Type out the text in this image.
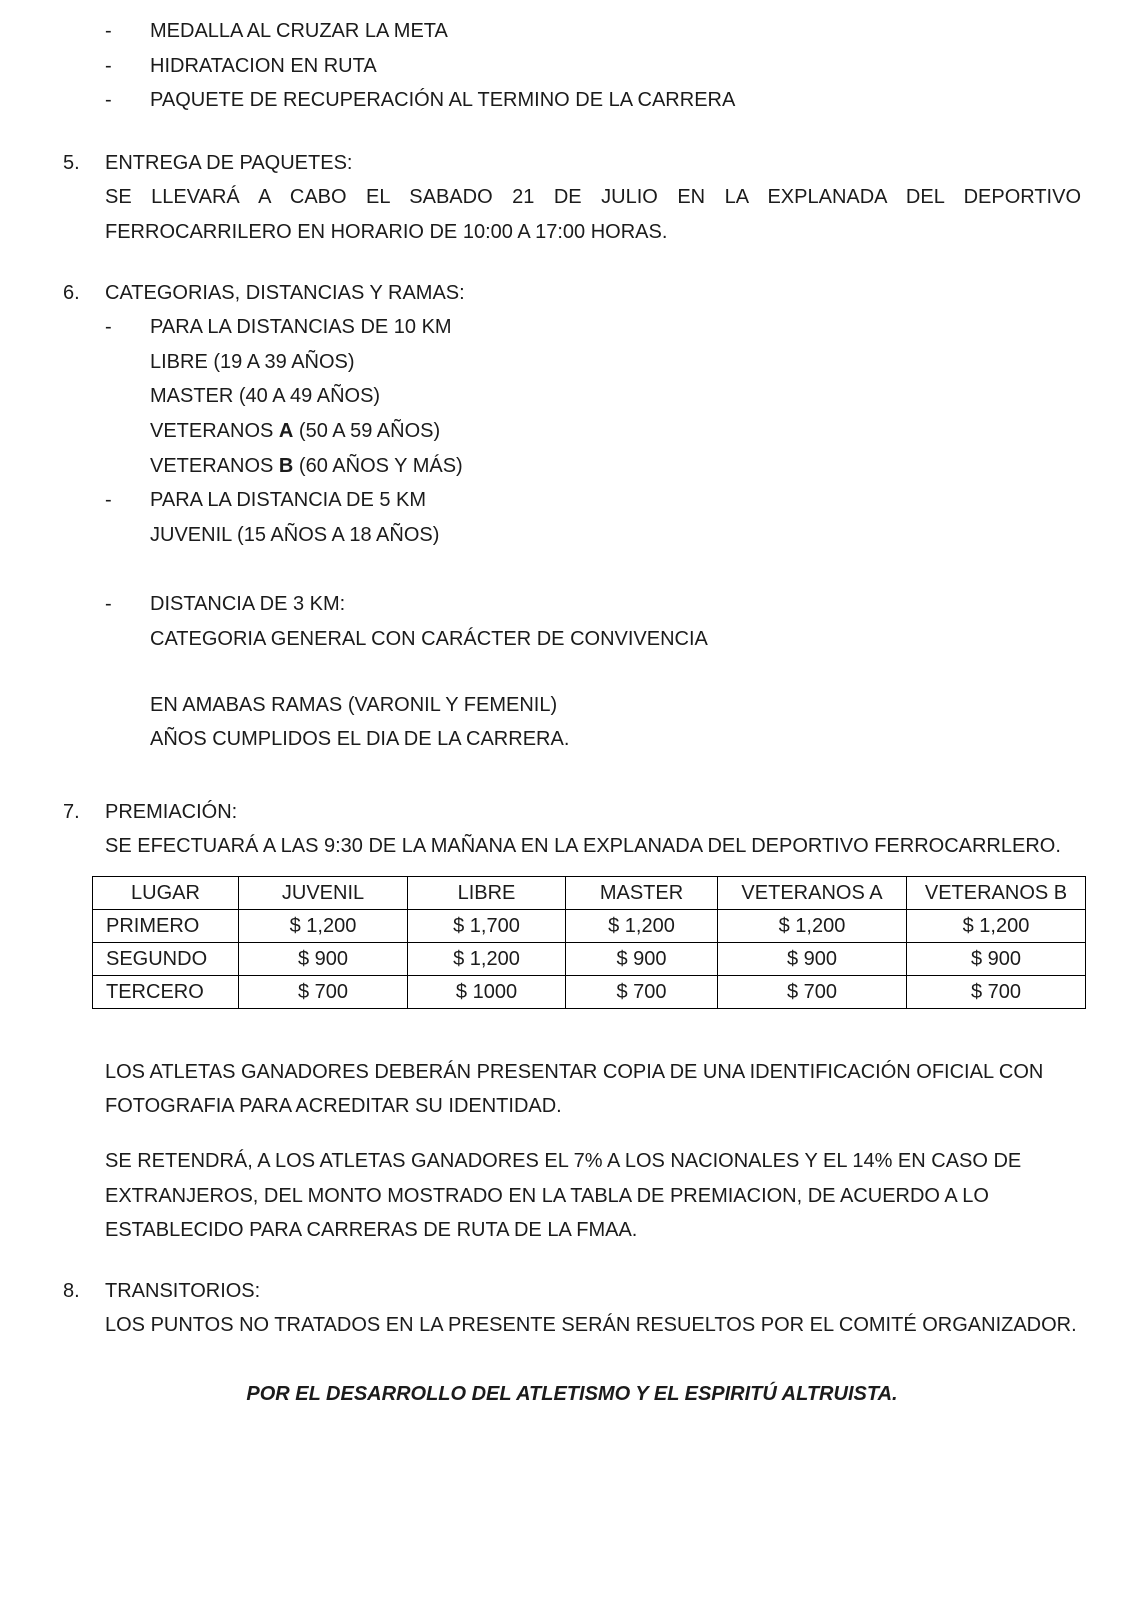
-	MEDALLA AL CRUZAR LA META
-	HIDRATACION EN RUTA
-	PAQUETE DE RECUPERACIÓN AL TERMINO DE LA CARRERA
5.	ENTREGA DE PAQUETES:

SE LLEVARÁ A CABO EL SABADO 21 DE JULIO EN LA EXPLANADA DEL DEPORTIVO FERROCARRILERO EN HORARIO DE 10:00 A 17:00 HORAS.

6.	CATEGORIAS, DISTANCIAS Y RAMAS:
-	PARA LA DISTANCIAS DE 10 KM
LIBRE (19 A 39 AÑOS)
MASTER (40 A 49 AÑOS)
VETERANOS A (50 A 59 AÑOS)
VETERANOS B (60 AÑOS Y MÁS)
-	PARA LA DISTANCIA DE 5 KM
JUVENIL (15 AÑOS A 18 AÑOS)
-	DISTANCIA DE 3 KM:
CATEGORIA GENERAL CON CARÁCTER DE CONVIVENCIA
EN AMABAS RAMAS (VARONIL Y FEMENIL)
AÑOS CUMPLIDOS EL DIA DE LA CARRERA.
7.	PREMIACIÓN:

SE EFECTUARÁ A LAS 9:30 DE LA MAÑANA EN LA EXPLANADA DEL DEPORTIVO FERROCARRLERO.

LUGAR	JUVENIL	LIBRE	MASTER	VETERANOS A	VETERANOS B
PRIMERO	$ 1,200	$ 1,700	$ 1,200	$ 1,200	$ 1,200
SEGUNDO	$ 900	$ 1,200	$ 900	$ 900	$ 900
TERCERO	$ 700	$ 1000	$ 700	$ 700	$ 700

LOS ATLETAS GANADORES DEBERÁN PRESENTAR COPIA DE UNA IDENTIFICACIÓN OFICIAL CON FOTOGRAFIA PARA ACREDITAR SU IDENTIDAD.

SE RETENDRÁ, A LOS ATLETAS GANADORES EL 7% A LOS NACIONALES Y EL 14% EN CASO DE EXTRANJEROS, DEL MONTO MOSTRADO EN LA TABLA DE PREMIACION, DE ACUERDO A LO ESTABLECIDO PARA CARRERAS DE RUTA DE LA FMAA.

8.	TRANSITORIOS:

LOS PUNTOS NO TRATADOS EN LA PRESENTE SERÁN RESUELTOS POR EL COMITÉ ORGANIZADOR.

POR EL DESARROLLO DEL ATLETISMO Y EL ESPIRITÚ ALTRUISTA.
